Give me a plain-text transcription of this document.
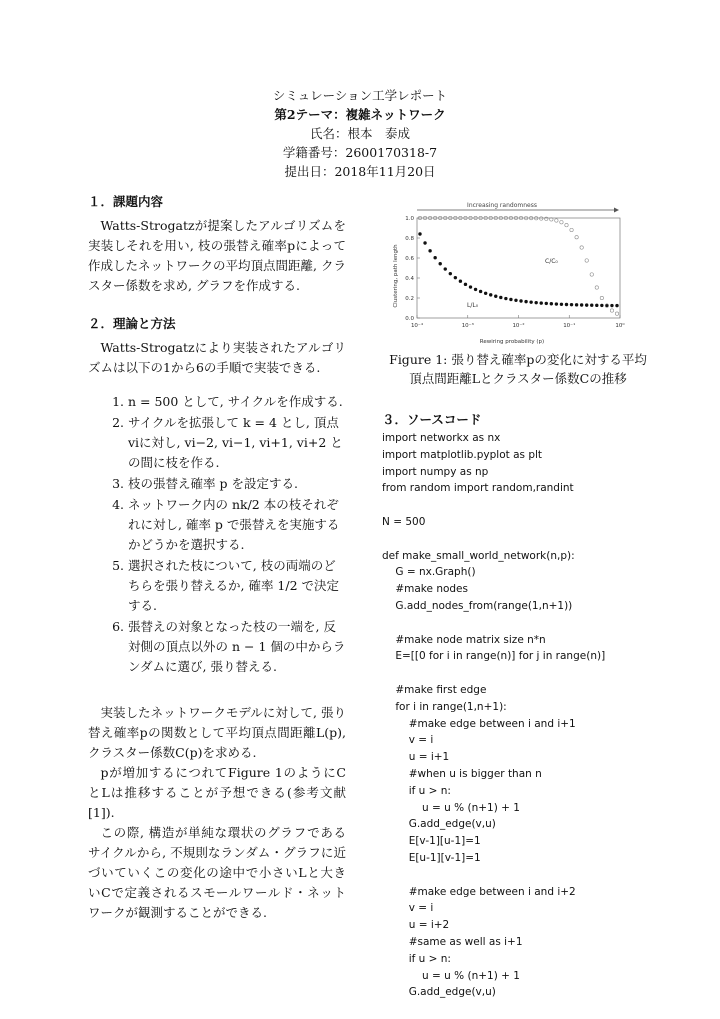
シミュレーション工学レポート
第2テーマ：複雑ネットワーク
氏名：根本　泰成
学籍番号：2600170318-7
提出日：2018年11月20日
１．課題内容

Watts-Strogatzが提案したアルゴリズムを実装しそれを用い, 枝の張替え確率pによって作成したネットワークの平均頂点間距離, クラスター係数を求め, グラフを作成する.

２．理論と方法

Watts-Strogatzにより実装されたアルゴリズムは以下の1から6の手順で実装できる.

1. n = 500 として, サイクルを作成する.
2. サイクルを拡張して k = 4 とし, 頂点 viに対し, vi−2, vi−1, vi+1, vi+2 との間に枝を作る.
3. 枝の張替え確率 p を設定する.
4. ネットワーク内の nk/2 本の枝それぞれに対し, 確率 p で張替えを実施するかどうかを選択する.
5. 選択された枝について, 枝の両端のどちらを張り替えるか, 確率 1/2 で決定する.
6. 張替えの対象となった枝の一端を, 反対側の頂点以外の n − 1 個の中からランダムに選び, 張り替える.

実装したネットワークモデルに対して, 張り替え確率pの関数として平均頂点間距離L(p), クラスター係数C(p)を求める.

pが増加するにつれてFigure 1のようにCとLは推移することが予想できる(参考文献[1]).

この際, 構造が単純な環状のグラフであるサイクルから, 不規則なランダム・グラフに近づいていくこの変化の途中で小さいLと大きいCで定義されるスモールワールド・ネットワークが観測することができる.

Increasing randomness
1.0
0.8
0.6
0.4
0.2
0.0
10⁻⁴	10⁻³	10⁻²	10⁻¹	10⁰
L/L₀
C/C₀
Rewiring probability (p)
Clustering, path length
Figure 1: 張り替え確率pの変化に対する平均
頂点間距離Lとクラスター係数Cの推移
３．ソースコード
import networkx as nx
import matplotlib.pyplot as plt
import numpy as np
from random import random,randint

N = 500

def make_small_world_network(n,p):
G = nx.Graph()
#make nodes
G.add_nodes_from(range(1,n+1))

#make node matrix size n*n
E=[[0 for i in range(n)] for j in range(n)]

#make first edge
for i in range(1,n+1):
#make edge between i and i+1
v = i
u = i+1
#when u is bigger than n
if u > n:
u = u % (n+1) + 1
G.add_edge(v,u)
E[v-1][u-1]=1
E[u-1][v-1]=1

#make edge between i and i+2
v = i
u = i+2
#same as well as i+1
if u > n:
u = u % (n+1) + 1
G.add_edge(v,u)
